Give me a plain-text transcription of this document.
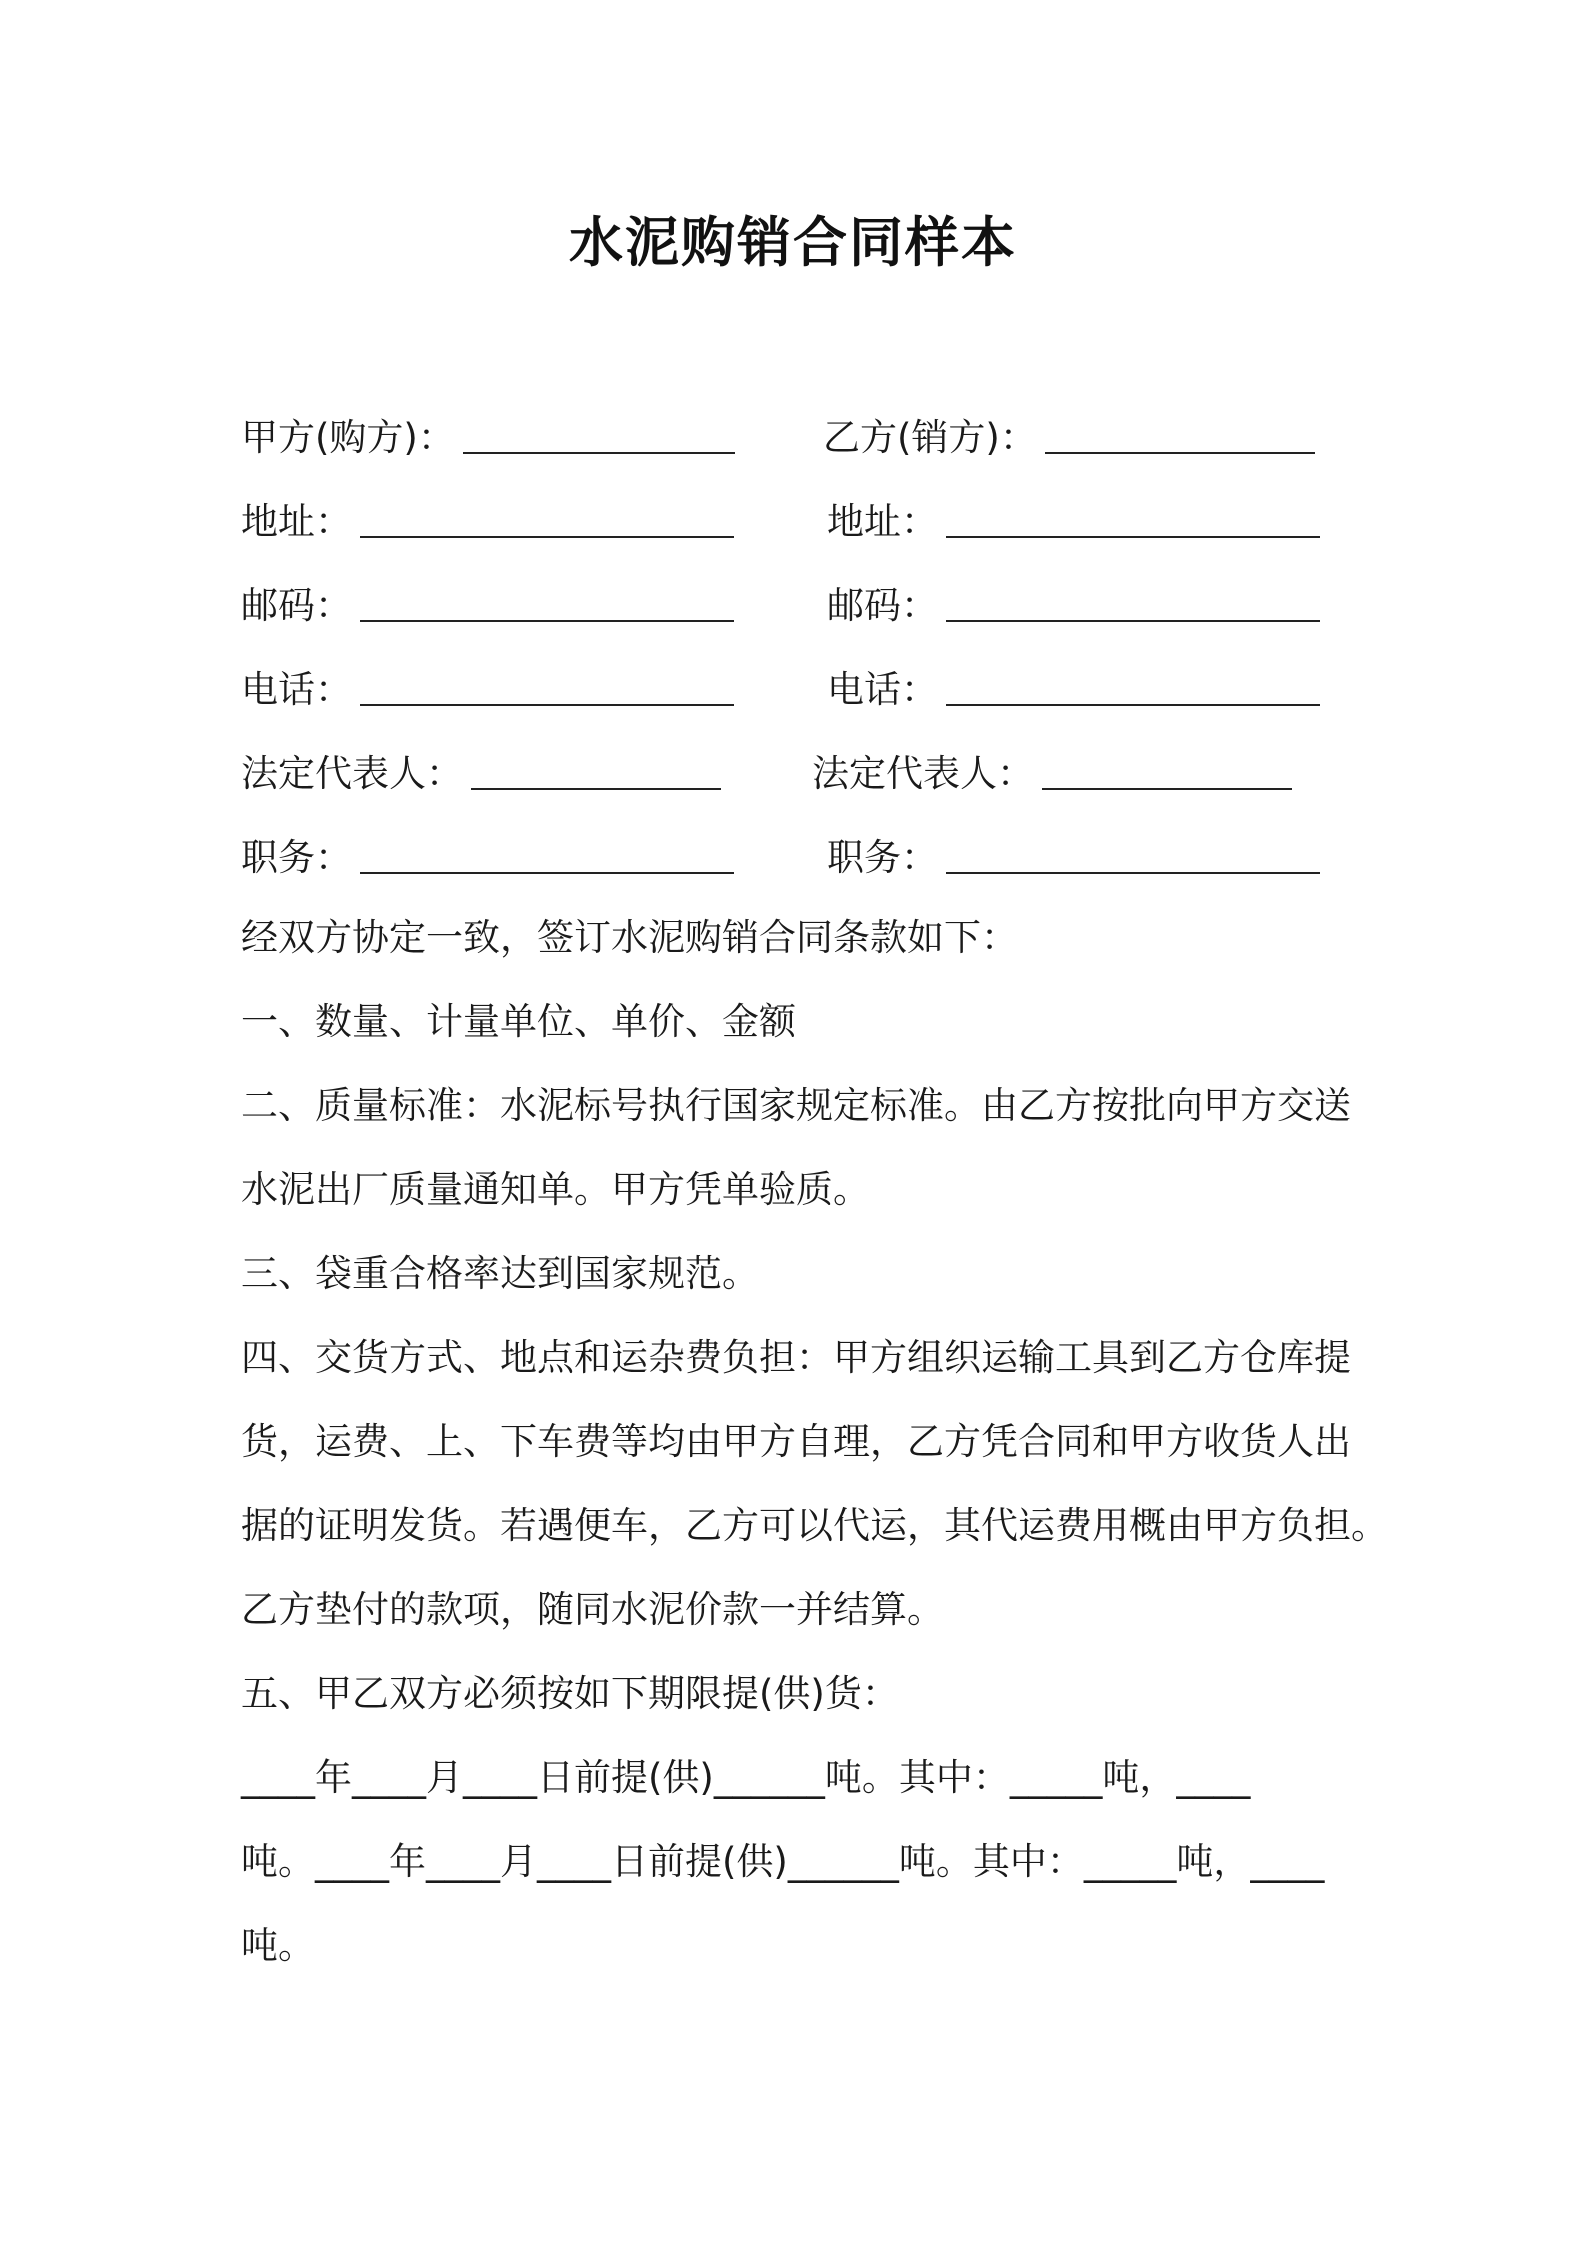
水泥购销合同样本
甲方(购方)：
地址：
邮码：
电话：
法定代表人：
职务：
乙方(销方)：
地址：
邮码：
电话：
法定代表人：
职务：
经双方协定一致，签订水泥购销合同条款如下：
一、数量、计量单位、单价、金额
二、质量标准：水泥标号执行国家规定标准。由乙方按批向甲方交送
水泥出厂质量通知单。甲方凭单验质。
三、袋重合格率达到国家规范。
四、交货方式、地点和运杂费负担：甲方组织运输工具到乙方仓库提
货，运费、上、下车费等均由甲方自理，乙方凭合同和甲方收货人出
据的证明发货。若遇便车，乙方可以代运，其代运费用概由甲方负担。
乙方垫付的款项，随同水泥价款一并结算。
五、甲乙双方必须按如下期限提(供)货：
____年____月____日前提(供)______吨。其中：_____吨，____
吨。____年____月____日前提(供)______吨。其中：_____吨，____
吨。
